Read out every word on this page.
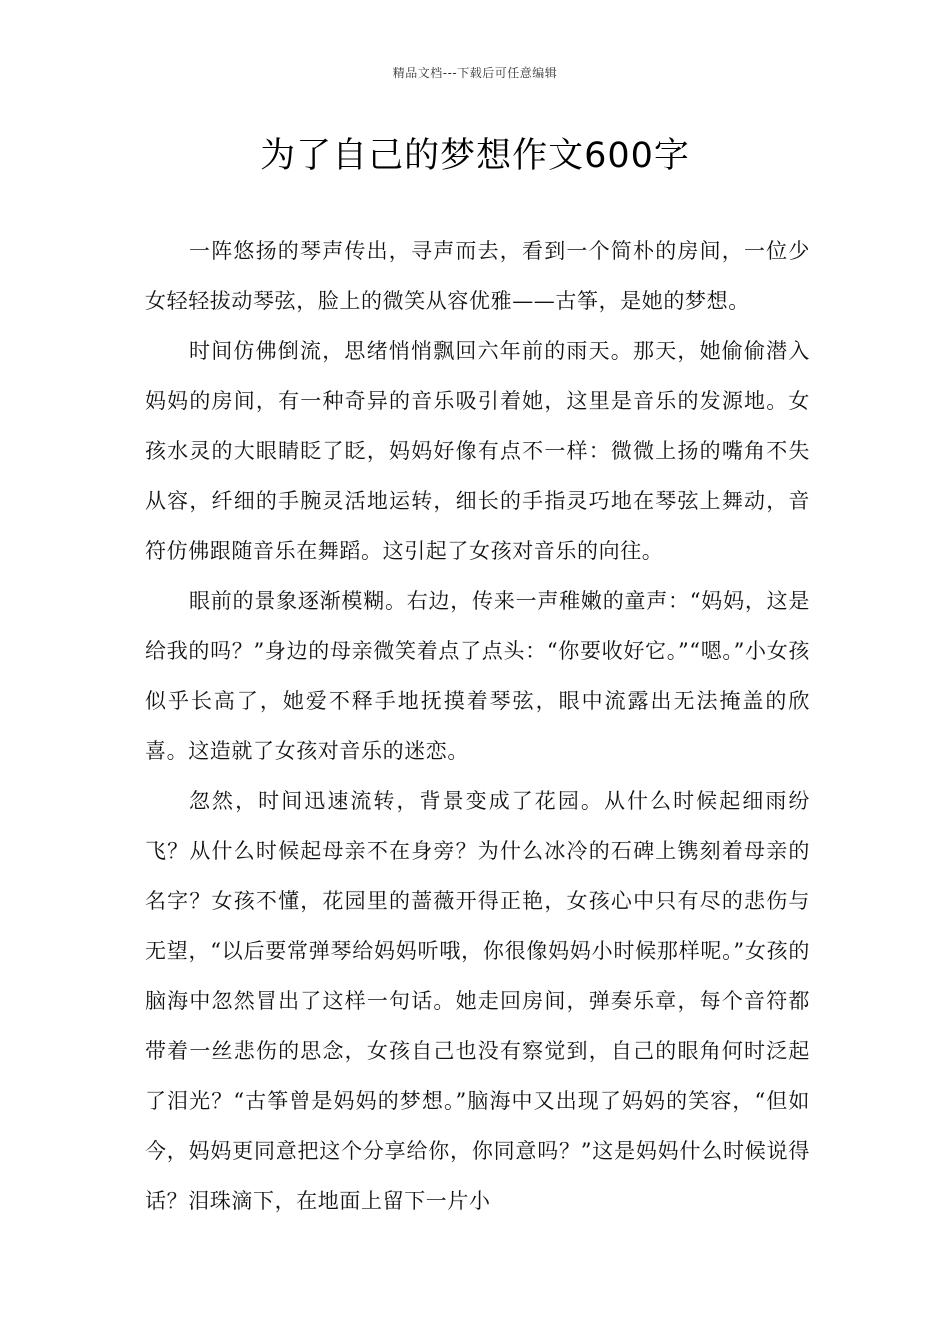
精品文档---下载后可任意编辑
为了自己的梦想作文600字

一阵悠扬的琴声传出，寻声而去，看到一个简朴的房间，一位少女轻轻拔动琴弦，脸上的微笑从容优雅——古筝，是她的梦想。

时间仿佛倒流，思绪悄悄飘回六年前的雨天。那天，她偷偷潜入妈妈的房间，有一种奇异的音乐吸引着她，这里是音乐的发源地。女孩水灵的大眼睛眨了眨，妈妈好像有点不一样：微微上扬的嘴角不失从容，纤细的手腕灵活地运转，细长的手指灵巧地在琴弦上舞动，音符仿佛跟随音乐在舞蹈。这引起了女孩对音乐的向往。

眼前的景象逐渐模糊。右边，传来一声稚嫩的童声：“妈妈，这是给我的吗？”身边的母亲微笑着点了点头：“你要收好它。”“嗯。”小女孩似乎长高了，她爱不释手地抚摸着琴弦，眼中流露出无法掩盖的欣喜。这造就了女孩对音乐的迷恋。

忽然，时间迅速流转，背景变成了花园。从什么时候起细雨纷飞？从什么时候起母亲不在身旁？为什么冰冷的石碑上镌刻着母亲的名字？女孩不懂，花园里的蔷薇开得正艳，女孩心中只有尽的悲伤与无望，“以后要常弹琴给妈妈听哦，你很像妈妈小时候那样呢。”女孩的脑海中忽然冒出了这样一句话。她走回房间，弹奏乐章，每个音符都带着一丝悲伤的思念，女孩自己也没有察觉到，自己的眼角何时泛起了泪光？“古筝曾是妈妈的梦想。”脑海中又出现了妈妈的笑容，“但如今，妈妈更同意把这个分享给你，你同意吗？”这是妈妈什么时候说得话？泪珠滴下，在地面上留下一片小
